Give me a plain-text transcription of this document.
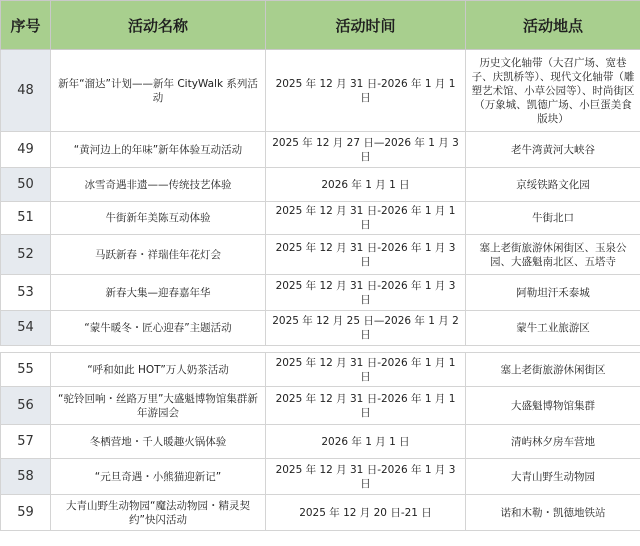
序号	活动名称	活动时间	活动地点
48	新年“溜达”计划——新年 CityWalk 系列活动	2025 年 12 月 31 日-2026 年 1 月 1 日	历史文化轴带（大召广场、宽巷子、庆凯桥等）、现代文化轴带（雕塑艺术馆、小草公园等）、时尚街区（万象城、凯德广场、小巨蛋美食版块）
49	“黄河边上的年味”新年体验互动活动	2025 年 12 月 27 日—2026 年 1 月 3 日	老牛湾黄河大峡谷
50	冰雪奇遇非遗——传统技艺体验	2026 年 1 月 1 日	京绥铁路文化园
51	牛街新年美陈互动体验	2025 年 12 月 31 日-2026 年 1 月 1 日	牛街北口
52	马跃新春・祥瑞佳年花灯会	2025 年 12 月 31 日-2026 年 1 月 3 日	塞上老街旅游休闲街区、玉泉公园、大盛魁南北区、五塔寺
53	新春大集—迎春嘉年华	2025 年 12 月 31 日-2026 年 1 月 3 日	阿勒坦汗禾泰城
54	“蒙牛暖冬・匠心迎春”主题活动	2025 年 12 月 25 日—2026 年 1 月 2 日	蒙牛工业旅游区

55	“呼和如此 HOT”万人奶茶活动	2025 年 12 月 31 日-2026 年 1 月 1 日	塞上老街旅游休闲街区
56	“驼铃回响・丝路万里”大盛魁博物馆集群新年游园会	2025 年 12 月 31 日-2026 年 1 月 1 日	大盛魁博物馆集群
57	冬栖营地・千人暖趣火锅体验	2026 年 1 月 1 日	清屿林夕房车营地
58	“元旦奇遇・小熊猫迎新记”	2025 年 12 月 31 日-2026 年 1 月 3 日	大青山野生动物园
59	大青山野生动物园“魔法动物园・精灵契约”快闪活动	2025 年 12 月 20 日-21 日	诺和木勒・凯德地铁站
